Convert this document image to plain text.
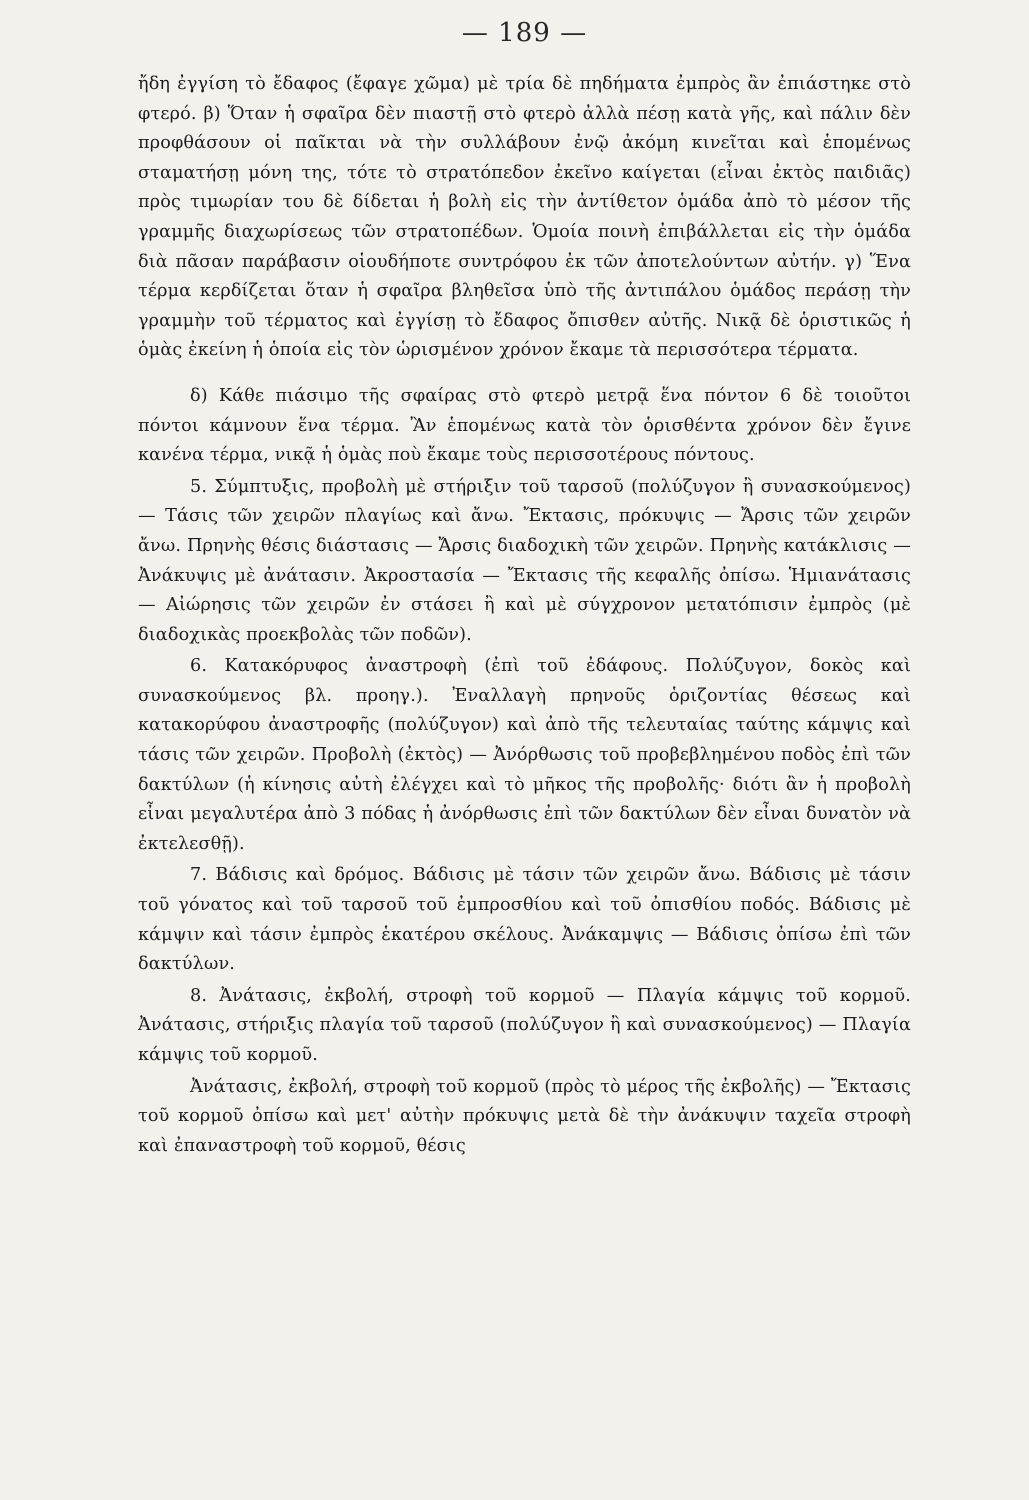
— 189 —

ἤδη ἐγγίση τὸ ἔδαφος (ἔφαγε χῶμα) μὲ τρία δὲ πηδήματα ἐμπρὸς ἂν ἐπιάστηκε στὸ φτερό. β) Ὅταν ἡ σφαῖρα δὲν πιαστῇ στὸ φτερὸ ἀλλὰ πέσῃ κατὰ γῆς, καὶ πάλιν δὲν προφθάσουν οἱ παῖκται νὰ τὴν συλλάβουν ἐνῷ ἀκόμη κινεῖται καὶ ἑπομένως σταματήσῃ μόνη της, τότε τὸ στρατόπεδον ἐκεῖνο καίγεται (εἶναι ἐκτὸς παιδιᾶς) πρὸς τιμωρίαν του δὲ δίδεται ἡ βολὴ εἰς τὴν ἀντίθετον ὁμάδα ἀπὸ τὸ μέσον τῆς γραμμῆς διαχωρίσεως τῶν στρατοπέδων. Ὁμοία ποινὴ ἐπιβάλλεται εἰς τὴν ὁμάδα διὰ πᾶσαν παράβασιν οἱουδήποτε συντρόφου ἐκ τῶν ἀποτελούντων αὐτήν. γ) Ἕνα τέρμα κερδίζεται ὅταν ἡ σφαῖρα βληθεῖσα ὑπὸ τῆς ἀντιπάλου ὁμάδος περάσῃ τὴν γραμμὴν τοῦ τέρματος καὶ ἐγγίσῃ τὸ ἔδαφος ὄπισθεν αὐτῆς. Νικᾷ δὲ ὁριστικῶς ἡ ὁμὰς ἐκείνη ἡ ὁποία εἰς τὸν ὡρισμένον χρόνον ἔκαμε τὰ περισσότερα τέρματα.

δ) Κάθε πιάσιμο τῆς σφαίρας στὸ φτερὸ μετρᾷ ἕνα πόντον 6 δὲ τοιοῦτοι πόντοι κάμνουν ἕνα τέρμα. Ἂν ἑπομένως κατὰ τὸν ὁρισθέντα χρόνον δὲν ἔγινε κανένα τέρμα, νικᾷ ἡ ὁμὰς ποὺ ἔκαμε τοὺς περισσοτέρους πόντους.

5. Σύμπτυξις, προβολὴ μὲ στήριξιν τοῦ ταρσοῦ (πολύζυγον ἢ συνασκούμενος) — Τάσις τῶν χειρῶν πλαγίως καὶ ἄνω. Ἔκτασις, πρόκυψις — Ἄρσις τῶν χειρῶν ἄνω. Πρηνὴς θέσις διάστασις — Ἄρσις διαδοχικὴ τῶν χειρῶν. Πρηνὴς κατάκλισις — Ἀνάκυψις μὲ ἀνάτασιν. Ἀκροστασία — Ἔκτασις τῆς κεφαλῆς ὀπίσω. Ἡμιανάτασις — Αἰώρησις τῶν χειρῶν ἐν στάσει ἢ καὶ μὲ σύγχρονον μετατόπισιν ἐμπρὸς (μὲ διαδοχικὰς προεκβολὰς τῶν ποδῶν).

6. Κατακόρυφος ἀναστροφὴ (ἐπὶ τοῦ ἐδάφους. Πολύζυγον, δοκὸς καὶ συνασκούμενος βλ. προηγ.). Ἐναλλαγὴ πρηνοῦς ὁριζοντίας θέσεως καὶ κατακορύφου ἀναστροφῆς (πολύζυγον) καὶ ἀπὸ τῆς τελευταίας ταύτης κάμψις καὶ τάσις τῶν χειρῶν. Προβολὴ (ἐκτὸς) — Ἀνόρθωσις τοῦ προβεβλημένου ποδὸς ἐπὶ τῶν δακτύλων (ἡ κίνησις αὐτὴ ἐλέγχει καὶ τὸ μῆκος τῆς προβολῆς· διότι ἂν ἡ προβολὴ εἶναι μεγαλυτέρα ἀπὸ 3 πόδας ἡ ἀνόρθωσις ἐπὶ τῶν δακτύλων δὲν εἶναι δυνατὸν νὰ ἐκτελεσθῇ).

7. Βάδισις καὶ δρόμος. Βάδισις μὲ τάσιν τῶν χειρῶν ἄνω. Βάδισις μὲ τάσιν τοῦ γόνατος καὶ τοῦ ταρσοῦ τοῦ ἐμπροσθίου καὶ τοῦ ὀπισθίου ποδός. Βάδισις μὲ κάμψιν καὶ τάσιν ἐμπρὸς ἑκατέρου σκέλους. Ἀνάκαμψις — Βάδισις ὀπίσω ἐπὶ τῶν δακτύλων.

8. Ἀνάτασις, ἐκβολή, στροφὴ τοῦ κορμοῦ — Πλαγία κάμψις τοῦ κορμοῦ. Ἀνάτασις, στήριξις πλαγία τοῦ ταρσοῦ (πολύζυγον ἢ καὶ συνασκούμενος) — Πλαγία κάμψις τοῦ κορμοῦ.

Ἀνάτασις, ἐκβολή, στροφὴ τοῦ κορμοῦ (πρὸς τὸ μέρος τῆς ἐκβολῆς) — Ἔκτασις τοῦ κορμοῦ ὀπίσω καὶ μετ' αὐτὴν πρόκυψις μετὰ δὲ τὴν ἀνάκυψιν ταχεῖα στροφὴ καὶ ἐπαναστροφὴ τοῦ κορμοῦ, θέσις
